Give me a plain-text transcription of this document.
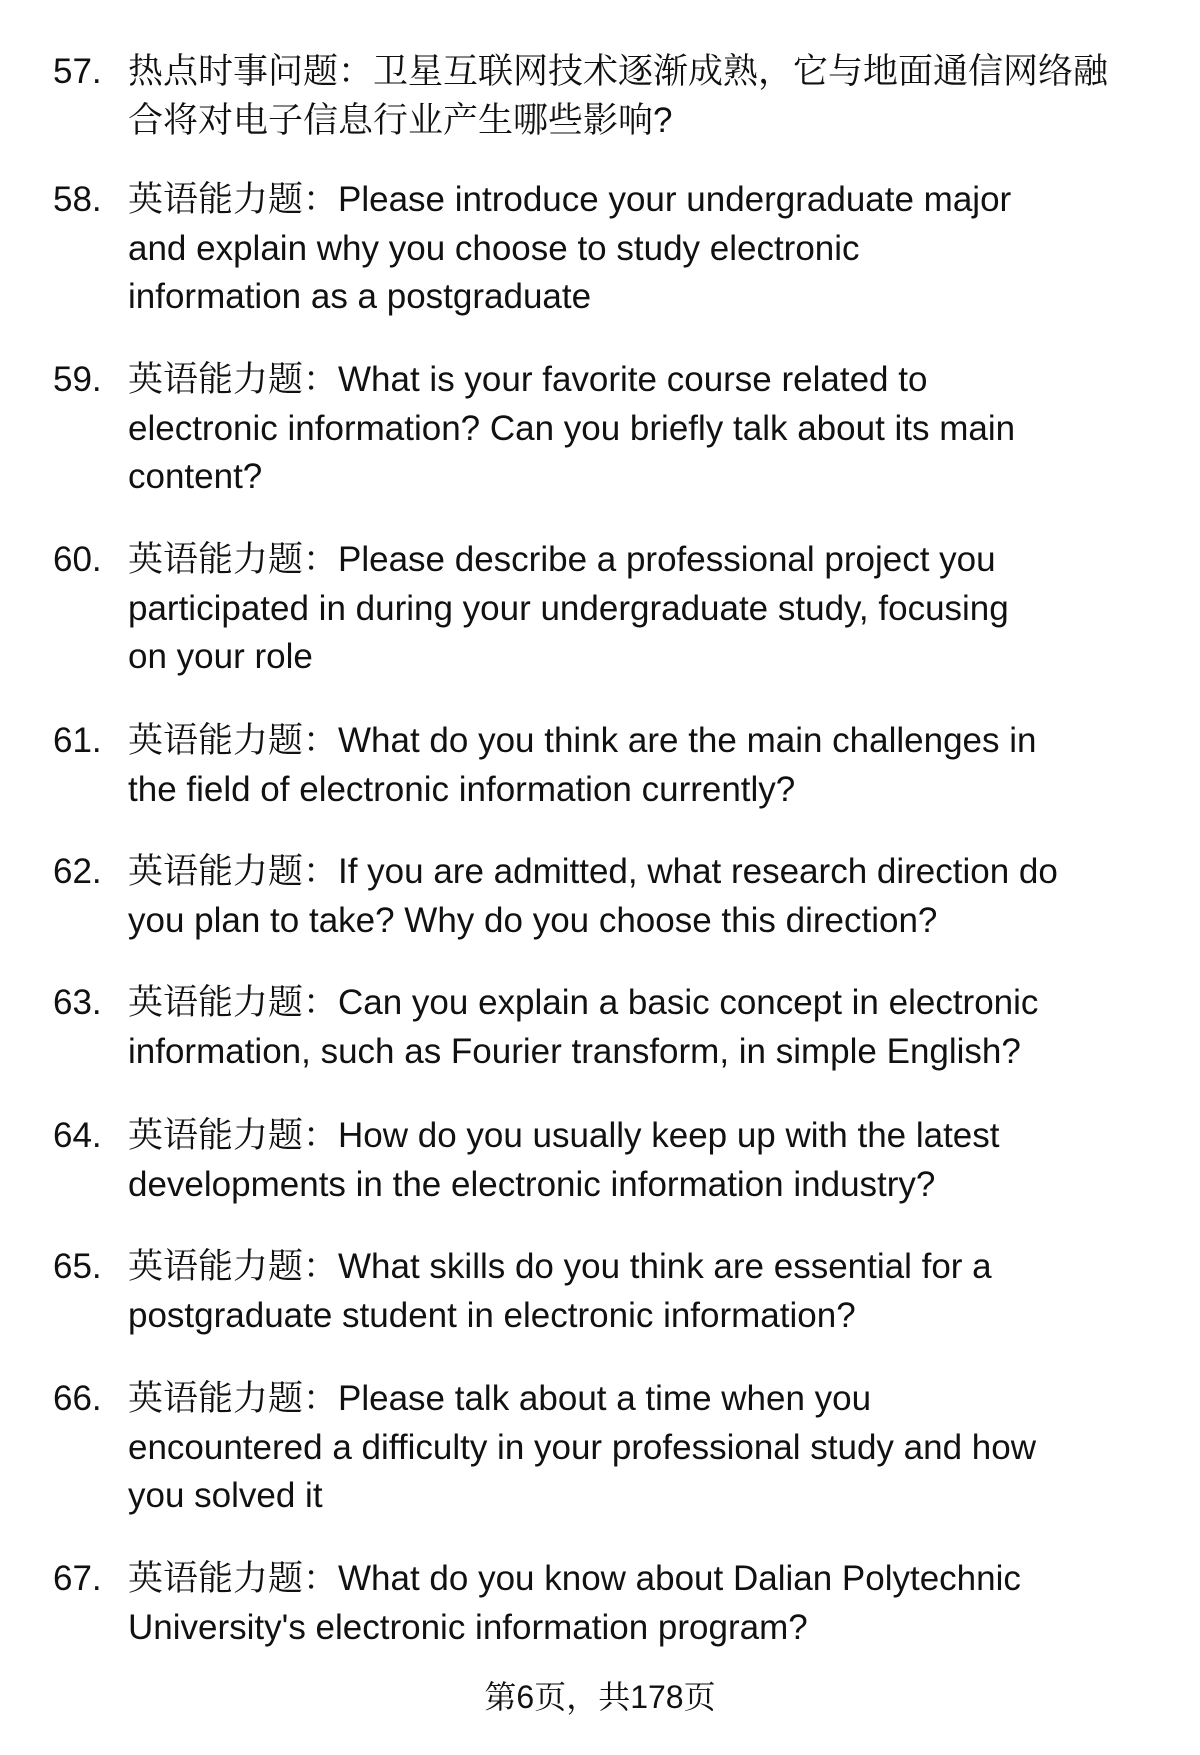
57. 热点时事问题：卫星互联网技术逐渐成熟，它与地面通信网络融
合将对电子信息行业产生哪些影响?
58. 英语能力题：Please introduce your undergraduate major
and explain why you choose to study electronic
information as a postgraduate
59. 英语能力题：What is your favorite course related to
electronic information? Can you briefly talk about its main
content?
60. 英语能力题：Please describe a professional project you
participated in during your undergraduate study, focusing
on your role
61. 英语能力题：What do you think are the main challenges in
the field of electronic information currently?
62. 英语能力题：If you are admitted, what research direction do
you plan to take? Why do you choose this direction?
63. 英语能力题：Can you explain a basic concept in electronic
information, such as Fourier transform, in simple English?
64. 英语能力题：How do you usually keep up with the latest
developments in the electronic information industry?
65. 英语能力题：What skills do you think are essential for a
postgraduate student in electronic information?
66. 英语能力题：Please talk about a time when you
encountered a difficulty in your professional study and how
you solved it
67. 英语能力题：What do you know about Dalian Polytechnic
University's electronic information program?
第6页，共178页
